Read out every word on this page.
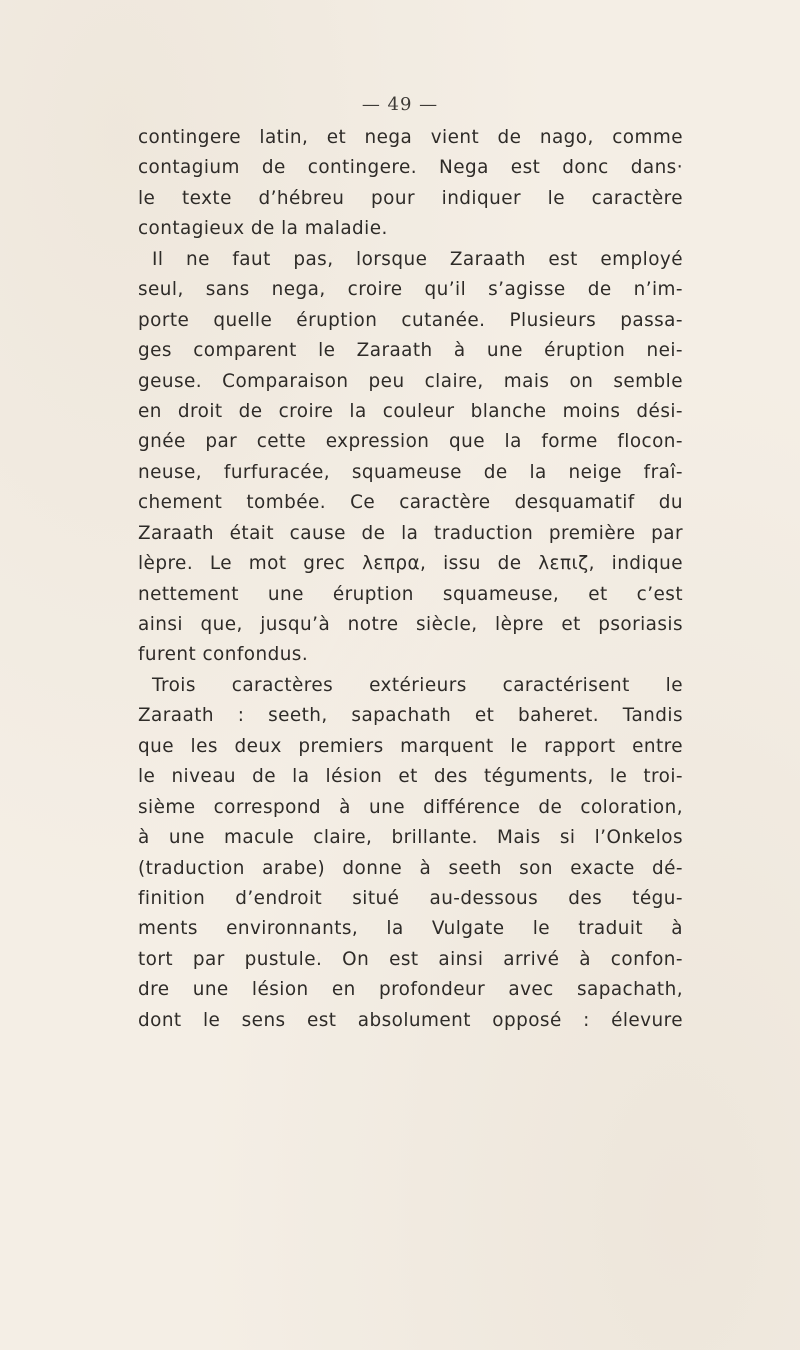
— 49 —
contingere latin, et nega vient de nago, comme
contagium de contingere. Nega est donc dans·
le texte d’hébreu pour indiquer le caractère
contagieux de la maladie.
Il ne faut pas, lorsque Zaraath est employé
seul, sans nega, croire qu’il s’agisse de n’im-
porte quelle éruption cutanée. Plusieurs passa-
ges comparent le Zaraath à une éruption nei-
geuse. Comparaison peu claire, mais on semble
en droit de croire la couleur blanche moins dési-
gnée par cette expression que la forme flocon-
neuse, furfuracée, squameuse de la neige fraî-
chement tombée. Ce caractère desquamatif du
Zaraath était cause de la traduction première par
lèpre. Le mot grec λεπρα, issu de λεπιζ, indique
nettement une éruption squameuse, et c’est
ainsi que, jusqu’à notre siècle, lèpre et psoriasis
furent confondus.
Trois caractères extérieurs caractérisent le
Zaraath : seeth, sapachath et baheret. Tandis
que les deux premiers marquent le rapport entre
le niveau de la lésion et des téguments, le troi-
sième correspond à une différence de coloration,
à une macule claire, brillante. Mais si l’Onkelos
(traduction arabe) donne à seeth son exacte dé-
finition d’endroit situé au-dessous des tégu-
ments environnants, la Vulgate le traduit à
tort par pustule. On est ainsi arrivé à confon-
dre une lésion en profondeur avec sapachath,
dont le sens est absolument opposé : élevure
